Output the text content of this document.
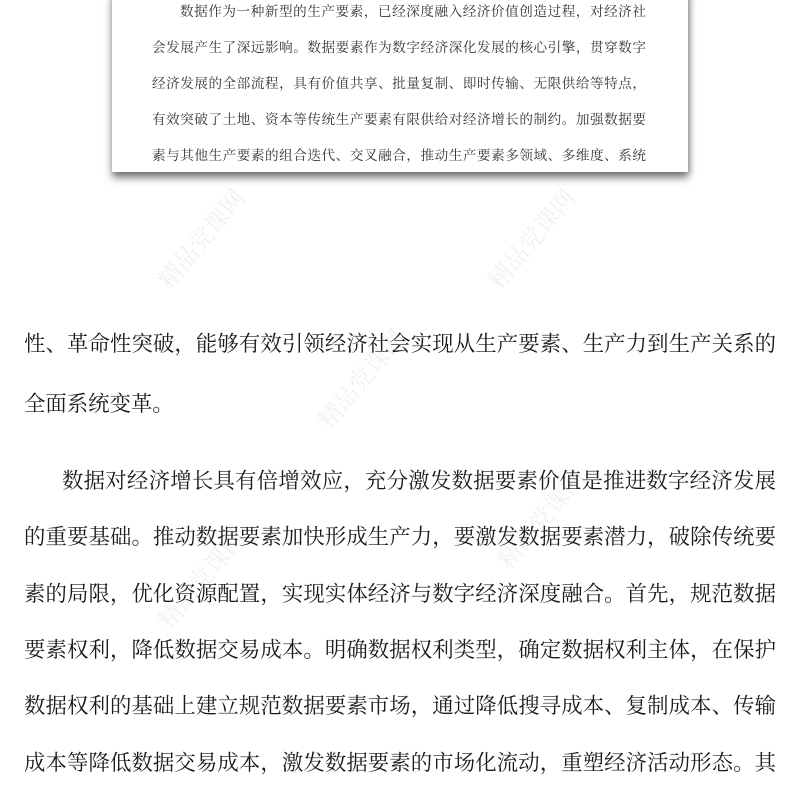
精品党课网	精品党课网
精品党课网
精品党课网
精品党课网
数据作为一种新型的生产要素，已经深度融入经济价值创造过程，对经济社
会发展产生了深远影响。数据要素作为数字经济深化发展的核心引擎，贯穿数字
经济发展的全部流程，具有价值共享、批量复制、即时传输、无限供给等特点，
有效突破了土地、资本等传统生产要素有限供给对经济增长的制约。加强数据要
素与其他生产要素的组合迭代、交叉融合，推动生产要素多领域、多维度、系统
性、革命性突破，能够有效引领经济社会实现从生产要素、生产力到生产关系的
全面系统变革。
数据对经济增长具有倍增效应，充分激发数据要素价值是推进数字经济发展
的重要基础。推动数据要素加快形成生产力，要激发数据要素潜力，破除传统要
素的局限，优化资源配置，实现实体经济与数字经济深度融合。首先，规范数据
要素权利，降低数据交易成本。明确数据权利类型，确定数据权利主体，在保护
数据权利的基础上建立规范数据要素市场，通过降低搜寻成本、复制成本、传输
成本等降低数据交易成本，激发数据要素的市场化流动，重塑经济活动形态。其
